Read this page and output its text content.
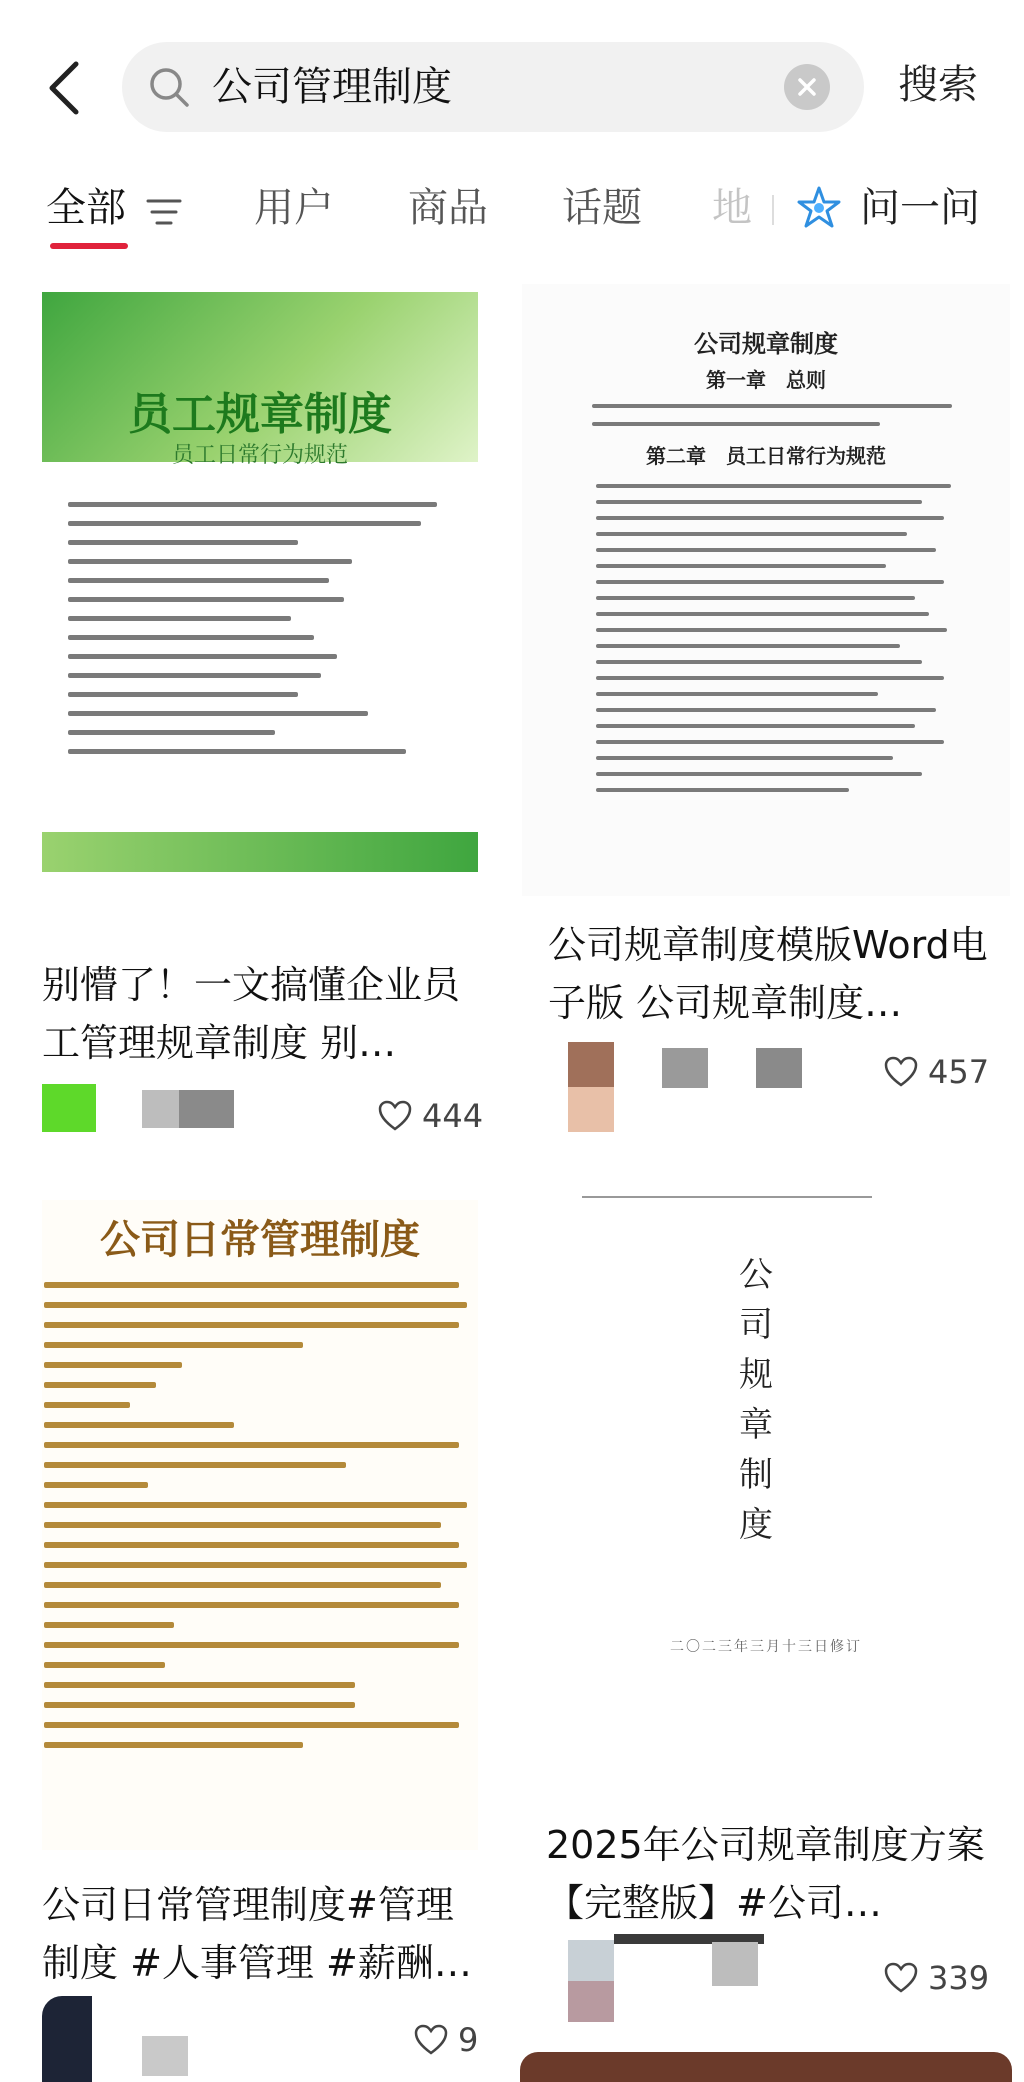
公司管理制度	搜索
全部	用户 商品 话题 地	问一问
员工规章制度
员工日常行为规范
别懵了！一文搞懂企业员工管理规章制度 别…
444
公司规章制度
第一章　总则
第二章　员工日常行为规范
公司规章制度模版Word电子版 公司规章制度…
457
公司日常管理制度
公司日常管理制度#管理制度 #人事管理 #薪酬…
9
公司规章制度
二〇二三年三月十三日修订
2025年公司规章制度方案【完整版】#公司…
339
